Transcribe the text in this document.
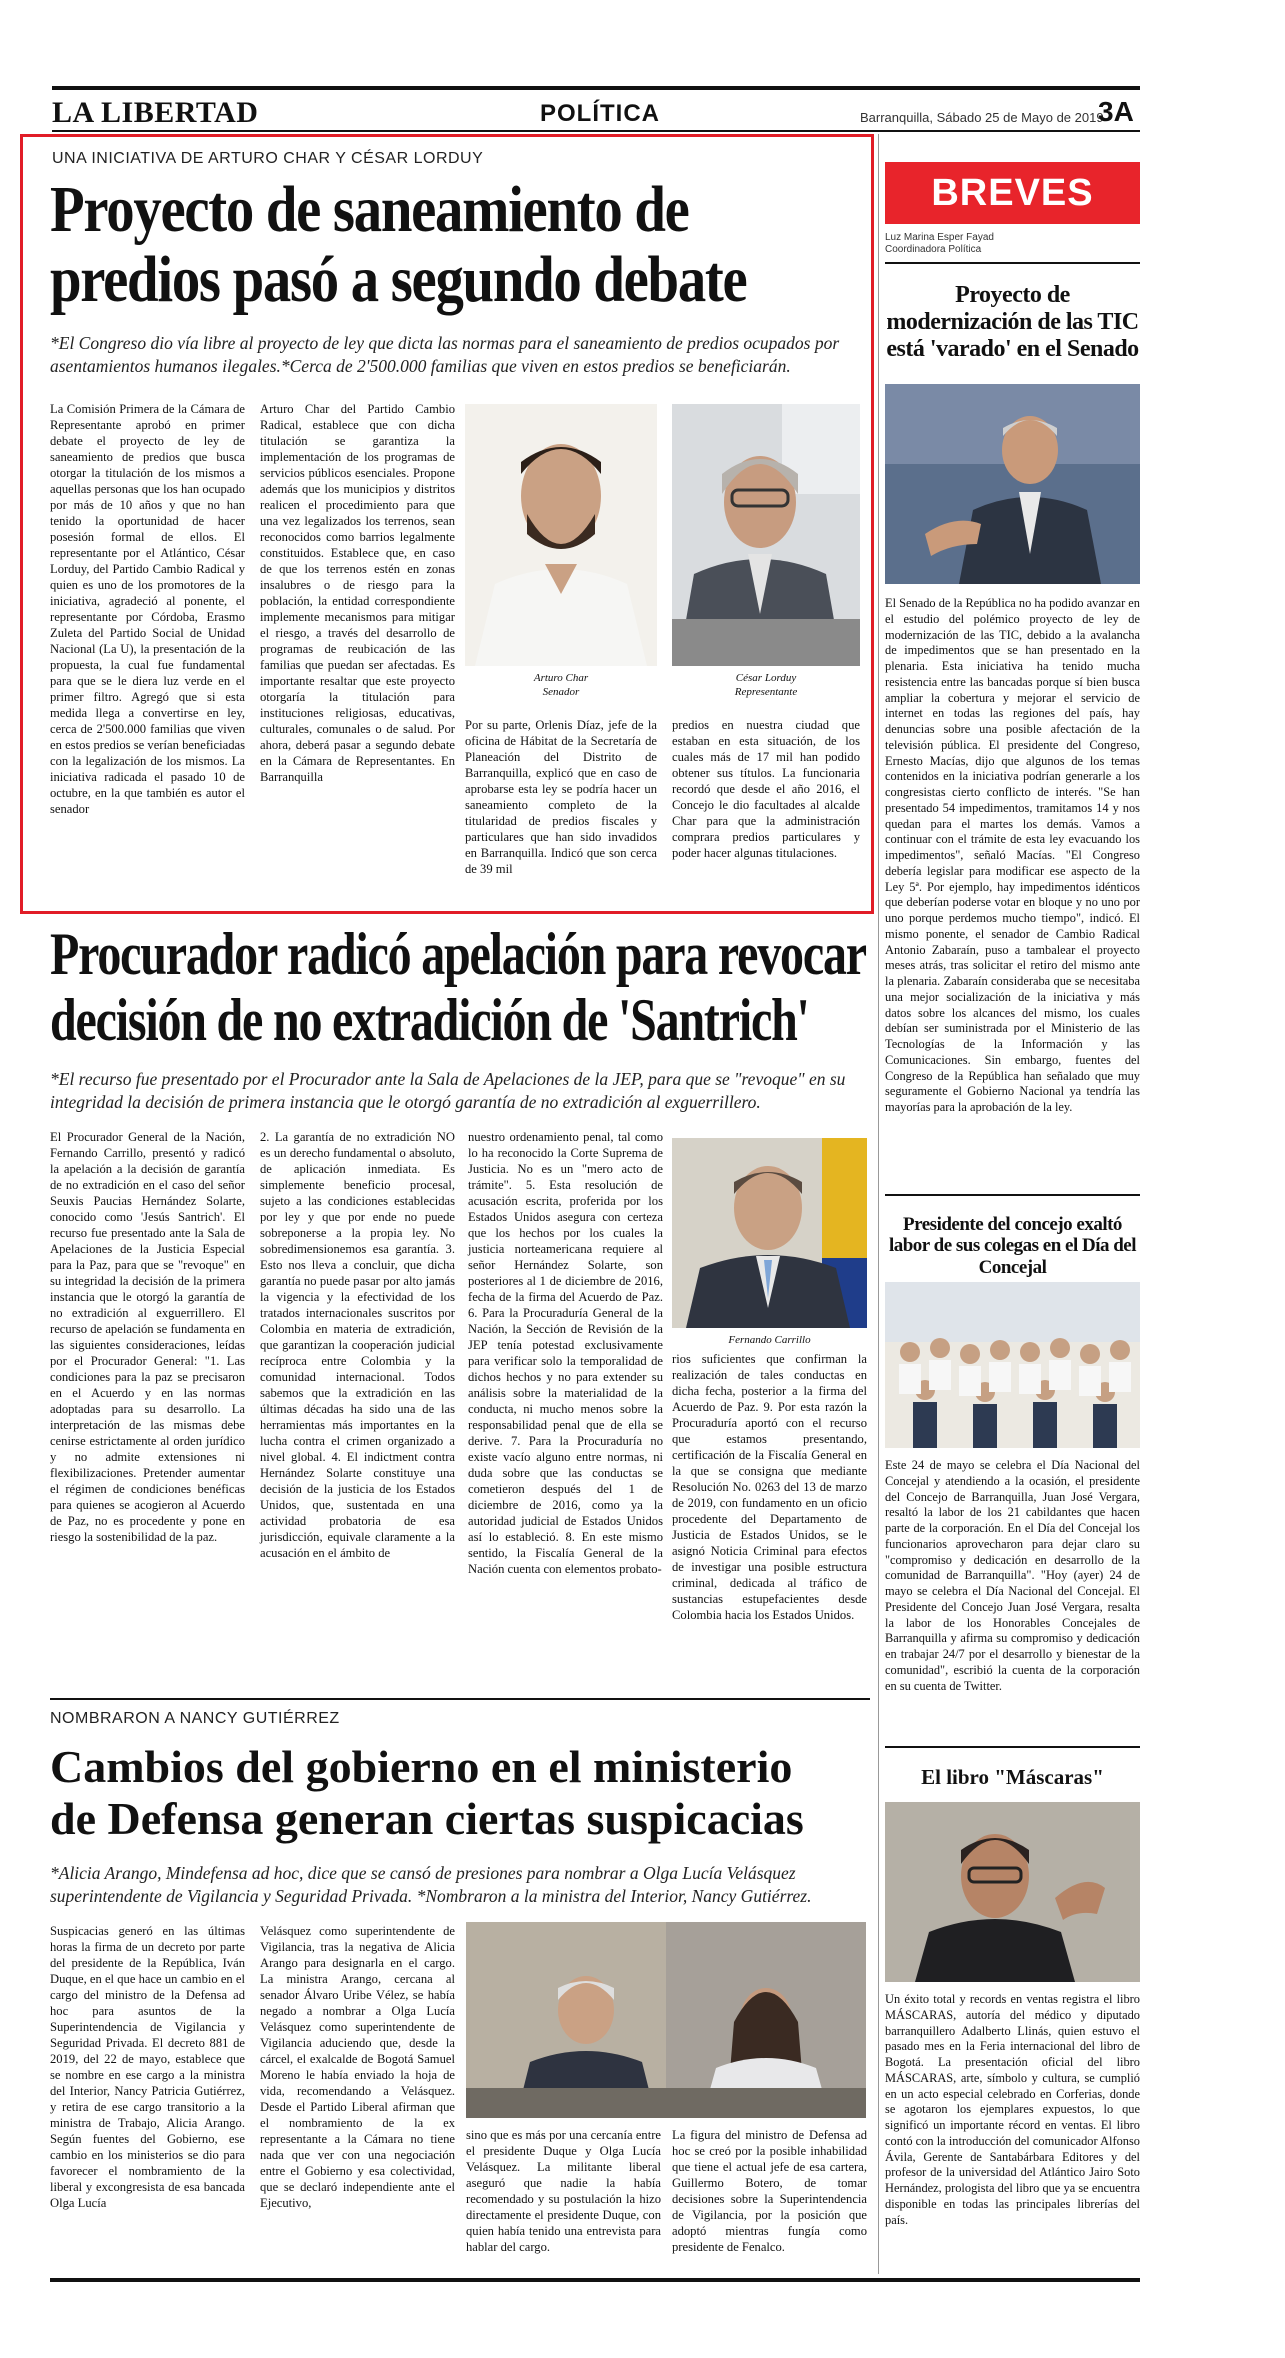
LA LIBERTAD	POLÍTICA	Barranquilla, Sábado 25 de Mayo de 2019
3A
UNA INICIATIVA DE ARTURO CHAR Y CÉSAR LORDUY
Proyecto de saneamiento de
predios pasó a segundo debate
*El Congreso dio vía libre al proyecto de ley que dicta las normas para el saneamiento de predios ocupados por asentamientos humanos ilegales.*Cerca de 2'500.000 familias que viven en estos predios se beneficiarán.
La Comisión Primera de la Cámara de Representante aprobó en primer debate el proyecto de ley de saneamiento de predios que busca otorgar la titulación de los mismos a aquellas personas que los han ocupado por más de 10 años y que no han tenido la oportunidad de hacer posesión formal de ellos. El representante por el Atlántico, César Lorduy, del Partido Cambio Radical y quien es uno de los promotores de la iniciativa, agradeció al ponente, el representante por Córdoba, Erasmo Zuleta del Partido Social de Unidad Nacional (La U), la presentación de la propuesta, la cual fue fundamental para que se le diera luz verde en el primer filtro. Agregó que si esta medida llega a convertirse en ley, cerca de 2'500.000 familias que viven en estos predios se verían beneficiadas con la legalización de los mismos. La iniciativa radicada el pasado 10 de octubre, en la que también es autor el senador
Arturo Char del Partido Cambio Radical, establece que con dicha titulación se garantiza la implementación de los programas de servicios públicos esenciales. Propone además que los municipios y distritos realicen el procedimiento para que una vez legalizados los terrenos, sean reconocidos como barrios legalmente constituidos. Establece que, en caso de que los terrenos estén en zonas insalubres o de riesgo para la población, la entidad correspondiente implemente mecanismos para mitigar el riesgo, a través del desarrollo de programas de reubicación de las familias que puedan ser afectadas. Es importante resaltar que este proyecto otorgaría la titulación para instituciones religiosas, educativas, culturales, comunales o de salud. Por ahora, deberá pasar a segundo debate en la Cámara de Representantes. En Barranquilla
Arturo Char
Senador
César Lorduy
Representante
Por su parte, Orlenis Díaz, jefe de la oficina de Hábitat de la Secretaría de Planeación del Distrito de Barranquilla, explicó que en caso de aprobarse esta ley se podría hacer un saneamiento completo de la titularidad de predios fiscales y particulares que han sido invadidos en Barranquilla. Indicó que son cerca de 39 mil
predios en nuestra ciudad que estaban en esta situación, de los cuales más de 17 mil han podido obtener sus títulos. La funcionaria recordó que desde el año 2016, el Concejo le dio facultades al alcalde Char para que la administración comprara predios particulares y poder hacer algunas titulaciones.
Procurador radicó apelación para revocar
decisión de no extradición de 'Santrich'
*El recurso fue presentado por el Procurador ante la Sala de Apelaciones de la JEP, para que se "revoque" en su integridad la decisión de primera instancia que le otorgó garantía de no extradición al exguerrillero.
El Procurador General de la Nación, Fernando Carrillo, presentó y radicó la apelación a la decisión de garantía de no extradición en el caso del señor Seuxis Paucias Hernández Solarte, conocido como 'Jesús Santrich'. El recurso fue presentado ante la Sala de Apelaciones de la Justicia Especial para la Paz, para que se "revoque" en su integridad la decisión de la primera instancia que le otorgó la garantía de no extradición al exguerrillero. El recurso de apelación se fundamenta en las siguientes consideraciones, leídas por el Procurador General: "1. Las condiciones para la paz se precisaron en el Acuerdo y en las normas adoptadas para su desarrollo. La interpretación de las mismas debe cenirse estrictamente al orden jurídico y no admite extensiones ni flexibilizaciones. Pretender aumentar el régimen de condiciones benéficas para quienes se acogieron al Acuerdo de Paz, no es procedente y pone en riesgo la sostenibilidad de la paz.
2. La garantía de no extradición NO es un derecho fundamental o absoluto, de aplicación inmediata. Es simplemente beneficio procesal, sujeto a las condiciones establecidas por ley y que por ende no puede sobreponerse a la propia ley. No sobredimensionemos esa garantía. 3. Esto nos lleva a concluir, que dicha garantía no puede pasar por alto jamás la vigencia y la efectividad de los tratados internacionales suscritos por Colombia en materia de extradición, que garantizan la cooperación judicial recíproca entre Colombia y la comunidad internacional. Todos sabemos que la extradición en las últimas décadas ha sido una de las herramientas más importantes en la lucha contra el crimen organizado a nivel global. 4. El indictment contra Hernández Solarte constituye una decisión de la justicia de los Estados Unidos, que, sustentada en una actividad probatoria de esa jurisdicción, equivale claramente a la acusación en el ámbito de
nuestro ordenamiento penal, tal como lo ha reconocido la Corte Suprema de Justicia. No es un "mero acto de trámite". 5. Esta resolución de acusación escrita, proferida por los Estados Unidos asegura con certeza que los hechos por los cuales la justicia norteamericana requiere al señor Hernández Solarte, son posteriores al 1 de diciembre de 2016, fecha de la firma del Acuerdo de Paz. 6. Para la Procuraduría General de la Nación, la Sección de Revisión de la JEP tenía potestad exclusivamente para verificar solo la temporalidad de dichos hechos y no para extender su análisis sobre la materialidad de la conducta, ni mucho menos sobre la responsabilidad penal que de ella se derive. 7. Para la Procuraduría no existe vacío alguno entre normas, ni duda sobre que las conductas se cometieron después del 1 de diciembre de 2016, como ya la autoridad judicial de Estados Unidos así lo estableció. 8. En este mismo sentido, la Fiscalía General de la Nación cuenta con elementos probato-
Fernando Carrillo
rios suficientes que confirman la realización de tales conductas en dicha fecha, posterior a la firma del Acuerdo de Paz. 9. Por esta razón la Procuraduría aportó con el recurso que estamos presentando, certificación de la Fiscalía General en la que se consigna que mediante Resolución No. 0263 del 13 de marzo de 2019, con fundamento en un oficio procedente del Departamento de Justicia de Estados Unidos, se le asignó Noticia Criminal para efectos de investigar una posible estructura criminal, dedicada al tráfico de sustancias estupefacientes desde Colombia hacia los Estados Unidos.
NOMBRARON A NANCY GUTIÉRREZ
Cambios del gobierno en el ministerio
de Defensa generan ciertas suspicacias
*Alicia Arango, Mindefensa ad hoc, dice que se cansó de presiones para nombrar a Olga Lucía Velásquez superintendente de Vigilancia y Seguridad Privada. *Nombraron a la ministra del Interior, Nancy Gutiérrez.
Suspicacias generó en las últimas horas la firma de un decreto por parte del presidente de la República, Iván Duque, en el que hace un cambio en el cargo del ministro de la Defensa ad hoc para asuntos de la Superintendencia de Vigilancia y Seguridad Privada. El decreto 881 de 2019, del 22 de mayo, establece que se nombre en ese cargo a la ministra del Interior, Nancy Patricia Gutiérrez, y retira de ese cargo transitorio a la ministra de Trabajo, Alicia Arango. Según fuentes del Gobierno, ese cambio en los ministerios se dio para favorecer el nombramiento de la liberal y excongresista de esa bancada Olga Lucía
Velásquez como superintendente de Vigilancia, tras la negativa de Alicia Arango para designarla en el cargo. La ministra Arango, cercana al senador Álvaro Uribe Vélez, se había negado a nombrar a Olga Lucía Velásquez como superintendente de Vigilancia aduciendo que, desde la cárcel, el exalcalde de Bogotá Samuel Moreno le había enviado la hoja de vida, recomendando a Velásquez. Desde el Partido Liberal afirman que el nombramiento de la ex representante a la Cámara no tiene nada que ver con una negociación entre el Gobierno y esa colectividad, que se declaró independiente ante el Ejecutivo,
sino que es más por una cercanía entre el presidente Duque y Olga Lucía Velásquez. La militante liberal aseguró que nadie la había recomendado y su postulación la hizo directamente el presidente Duque, con quien había tenido una entrevista para hablar del cargo.
La figura del ministro de Defensa ad hoc se creó por la posible inhabilidad que tiene el actual jefe de esa cartera, Guillermo Botero, de tomar decisiones sobre la Superintendencia de Vigilancia, por la posición que adoptó mientras fungía como presidente de Fenalco.
BREVES
Luz Marina Esper Fayad
Coordinadora Política
Proyecto de modernización de las TIC está 'varado' en el Senado
El Senado de la República no ha podido avanzar en el estudio del polémico proyecto de ley de modernización de las TIC, debido a la avalancha de impedimentos que se han presentado en la plenaria. Esta iniciativa ha tenido mucha resistencia entre las bancadas porque sí bien busca ampliar la cobertura y mejorar el servicio de internet en todas las regiones del país, hay denuncias sobre una posible afectación de la televisión pública. El presidente del Congreso, Ernesto Macías, dijo que algunos de los temas contenidos en la iniciativa podrían generarle a los congresistas cierto conflicto de interés. "Se han presentado 54 impedimentos, tramitamos 14 y nos quedan para el martes los demás. Vamos a continuar con el trámite de esta ley evacuando los impedimentos", señaló Macías. "El Congreso debería legislar para modificar ese aspecto de la Ley 5ª. Por ejemplo, hay impedimentos idénticos que deberían poderse votar en bloque y no uno por uno porque perdemos mucho tiempo", indicó. El mismo ponente, el senador de Cambio Radical Antonio Zabaraín, puso a tambalear el proyecto meses atrás, tras solicitar el retiro del mismo ante la plenaria. Zabaraín consideraba que se necesitaba una mejor socialización de la iniciativa y más datos sobre los alcances del mismo, los cuales debían ser suministrada por el Ministerio de las Tecnologías de la Información y las Comunicaciones. Sin embargo, fuentes del Congreso de la República han señalado que muy seguramente el Gobierno Nacional ya tendría las mayorías para la aprobación de la ley.
Presidente del concejo exaltó labor de sus colegas en el Día del Concejal
Este 24 de mayo se celebra el Día Nacional del Concejal y atendiendo a la ocasión, el presidente del Concejo de Barranquilla, Juan José Vergara, resaltó la labor de los 21 cabildantes que hacen parte de la corporación. En el Día del Concejal los funcionarios aprovecharon para dejar claro su "compromiso y dedicación en desarrollo de la comunidad de Barranquilla". "Hoy (ayer) 24 de mayo se celebra el Día Nacional del Concejal. El Presidente del Concejo Juan José Vergara, resalta la labor de los Honorables Concejales de Barranquilla y afirma su compromiso y dedicación en trabajar 24/7 por el desarrollo y bienestar de la comunidad", escribió la cuenta de la corporación en su cuenta de Twitter.
El libro "Máscaras"
Un éxito total y records en ventas registra el libro MÁSCARAS, autoría del médico y diputado barranquillero Adalberto Llinás, quien estuvo el pasado mes en la Feria internacional del libro de Bogotá. La presentación oficial del libro MÁSCARAS, arte, símbolo y cultura, se cumplió en un acto especial celebrado en Corferias, donde se agotaron los ejemplares expuestos, lo que significó un importante récord en ventas. El libro contó con la introducción del comunicador Alfonso Ávila, Gerente de Santabárbara Editores y del profesor de la universidad del Atlántico Jairo Soto Hernández, prologista del libro que ya se encuentra disponible en todas las principales librerías del país.
